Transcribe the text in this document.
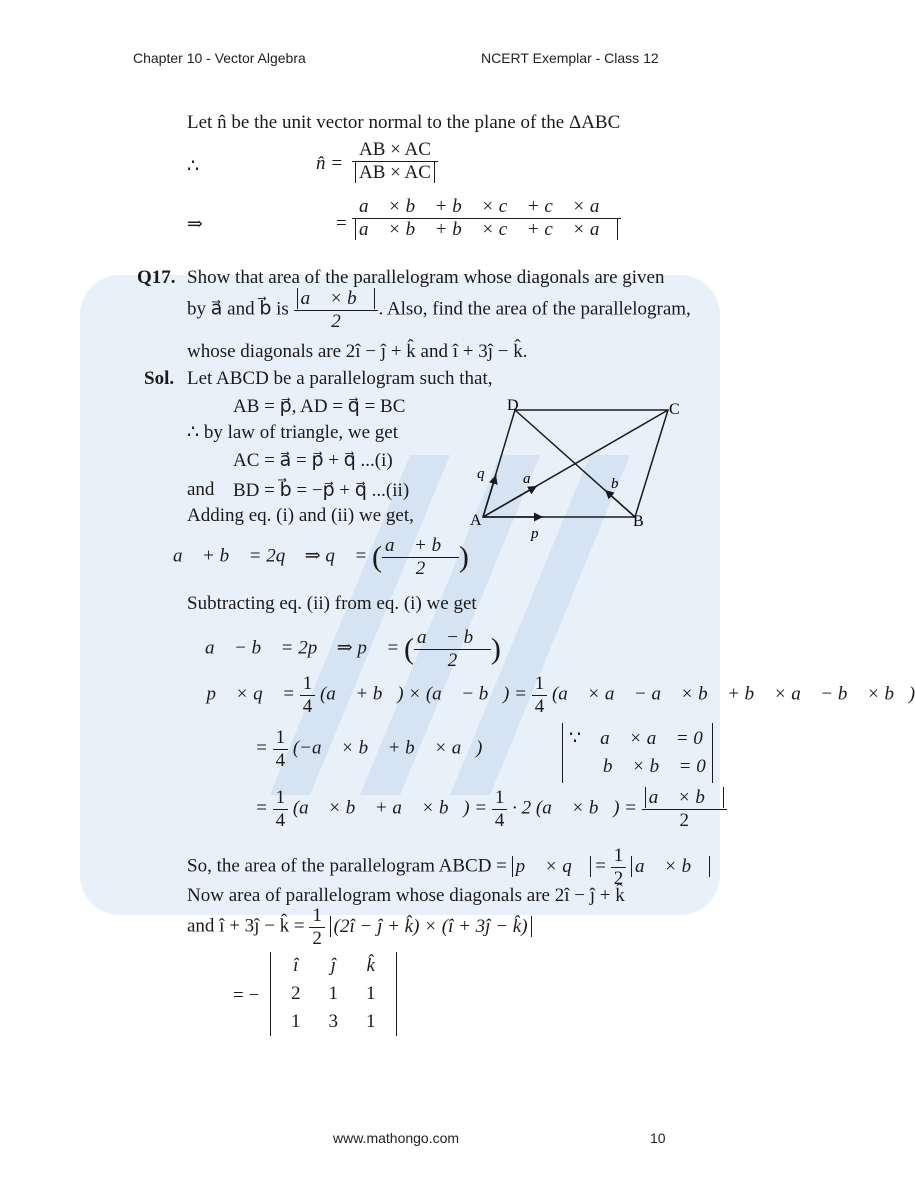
Chapter 10 - Vector Algebra	NCERT Exemplar - Class 12
Let n̂ be the unit vector normal to the plane of the ΔABC
∴	n̂ = $\frac{AB \times AC}{AB \times AC}$
⇒	= $\frac{a⃗ \times b⃗ + b⃗ \times c⃗ + c⃗ \times a⃗}{a⃗ \times b⃗ + b⃗ \times c⃗ + c⃗ \times a⃗}$
Q17. Show that area of the parallelogram whose diagonals are given
by a⃗ and b⃗ is $\frac{a⃗ \times b⃗}{2}$ . Also, find the area of the parallelogram,
whose diagonals are 2î − ĵ + k̂ and î + 3ĵ − k̂.
Sol. Let ABCD be a parallelogram such that,
AB = p⃗, AD = q⃗ = BC
∴ by law of triangle, we get
AC = a⃗ = p⃗ + q⃗ ...(i)
and BD = b⃗ = −p⃗ + q⃗ ...(ii)
Adding eq. (i) and (ii) we get,	A	B
C
D
p⃗
q⃗ a⃗	b⃗
a⃗ + b⃗ = 2q⃗ ⇒ q⃗ = ( $\frac{a⃗ + b⃗}{2}$ )
Subtracting eq. (ii) from eq. (i) we get
a⃗ − b⃗ = 2p⃗ ⇒ p⃗ = ( $\frac{a⃗ - b⃗}{2}$ )
∴ p⃗ × q⃗ = $\frac{1}{4}$ (a⃗ + b⃗) × (a⃗ − b⃗) = $\frac{1}{4}$ (a⃗ × a⃗ − a⃗ × b⃗ + b⃗ × a⃗ − b⃗ × b⃗)
= $\frac{1}{4}$ (−a⃗ × b⃗ + b⃗ × a⃗)	∵ a⃗ × a⃗ = 0
b⃗ × b⃗ = 0
= $\frac{1}{4}$ (a⃗ × b⃗ + a⃗ × b⃗) = $\frac{1}{4} \cdot 2$ (a⃗ × b⃗) = $\frac{a⃗ \times b⃗}{2}$
So, the area of the parallelogram ABCD = p⃗ × q⃗ = $\frac{1}{2}$ a⃗ × b⃗
Now area of parallelogram whose diagonals are 2î − ĵ + k̂
and î + 3ĵ − k̂ = $\frac{1}{2}$ (2î − ĵ + k̂) × (î + 3ĵ − k̂)
= −
î	ĵ	k̂
2	1	1
1	3	1
www.mathongo.com	10
